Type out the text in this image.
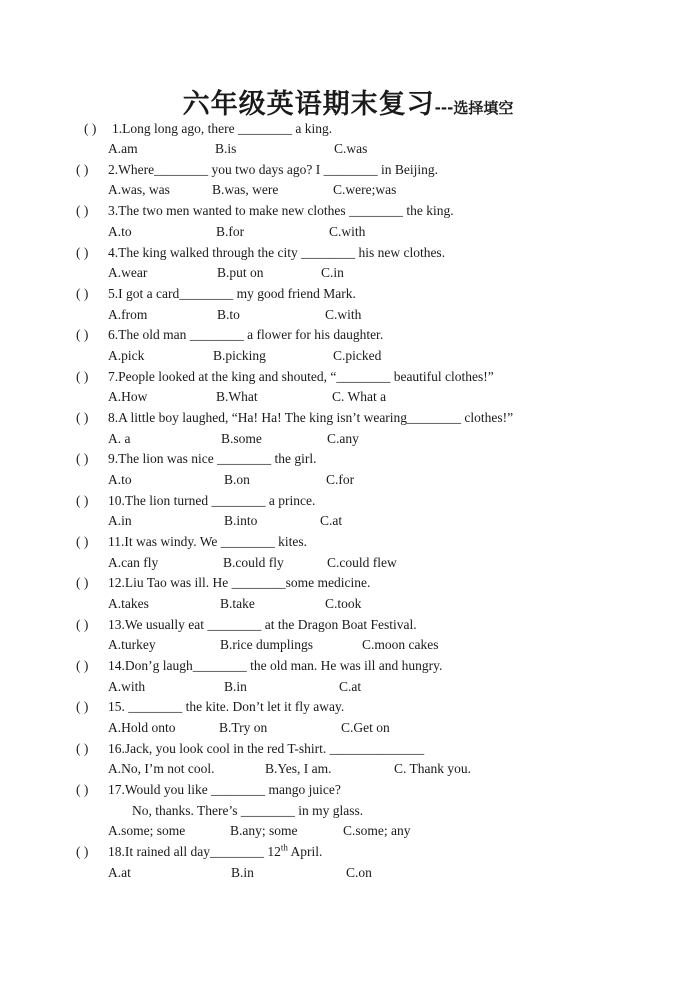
六年级英语期末复习---选择填空
( ) 1.Long long ago, there ________ a king.
A.am	B.is	C.was
( ) 2.Where________ you two days ago? I ________ in Beijing.
A.was, was	B.was, were	C.were;was
( ) 3.The two men wanted to make new clothes ________ the king.
A.to	B.for	C.with
( ) 4.The king walked through the city ________ his new clothes.
A.wear	B.put on	C.in
( ) 5.I got a card________ my good friend Mark.
A.from	B.to	C.with
( ) 6.The old man ________ a flower for his daughter.
A.pick	B.picking	C.picked
( ) 7.People looked at the king and shouted, “________ beautiful clothes!”
A.How	B.What	C. What a
( ) 8.A little boy laughed, “Ha! Ha! The king isn’t wearing________ clothes!”
A. a	B.some	C.any
( ) 9.The lion was nice ________ the girl.
A.to	B.on	C.for
( ) 10.The lion turned ________ a prince.
A.in	B.into	C.at
( ) 11.It was windy. We ________ kites.
A.can fly	B.could fly	C.could flew
( ) 12.Liu Tao was ill. He ________some medicine.
A.takes	B.take	C.took
( ) 13.We usually eat ________ at the Dragon Boat Festival.
A.turkey	B.rice dumplings	C.moon cakes
( ) 14.Don’g laugh________ the old man. He was ill and hungry.
A.with	B.in	C.at
( ) 15. ________ the kite. Don’t let it fly away.
A.Hold onto	B.Try on	C.Get on
( ) 16.Jack, you look cool in the red T-shirt. ______________
A.No, I’m not cool.	B.Yes, I am.	C. Thank you.
( ) 17.Would you like ________ mango juice?
No, thanks. There’s ________ in my glass.
A.some; some	B.any; some	C.some; any
( ) 18.It rained all day________ 12th April.
A.at	B.in	C.on
